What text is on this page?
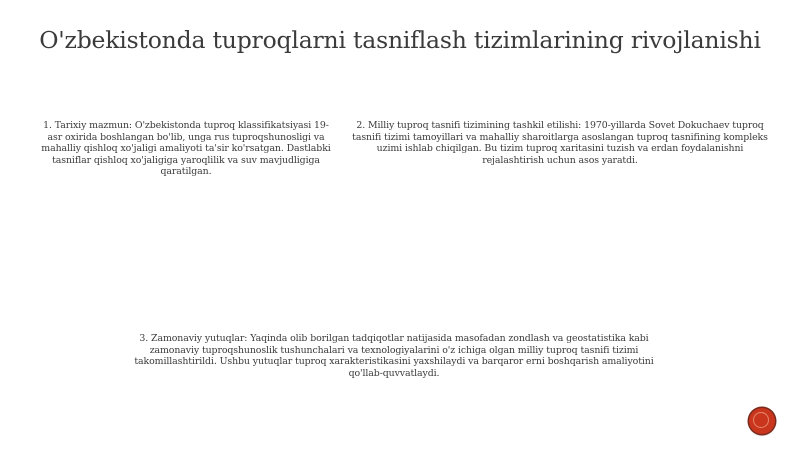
O'zbekistonda tuproqlarni tasniflash tizimlarining rivojlanishi
1. Tarixiy mazmun: O'zbekistonda tuproq klassifikatsiyasi 19-asr oxirida boshlangan bo'lib, unga rus tuproqshunosligi va mahalliy qishloq xo'jaligi amaliyoti ta'sir ko'rsatgan. Dastlabki tasniflar qishloq xo'jaligiga yaroqlilik va suv mavjudligiga qaratilgan.
2. Milliy tuproq tasnifi tizimining tashkil etilishi: 1970-yillarda Sovet Dokuchaev tuproq tasnifi tizimi tamoyillari va mahalliy sharoitlarga asoslangan tuproq tasnifining kompleks uzimi ishlab chiqilgan. Bu tizim tuproq xaritasini tuzish va erdan foydalanishni rejalashtirish uchun asos yaratdi.
3. Zamonaviy yutuqlar: Yaqinda olib borilgan tadqiqotlar natijasida masofadan zondlash va geostatistika kabi zamonaviy tuproqshunoslik tushunchalari va texnologiyalarini o'z ichiga olgan milliy tuproq tasnifi tizimi takomillashtirildi. Ushbu yutuqlar tuproq xarakteristikasini yaxshilaydi va barqaror erni boshqarish amaliyotini qo'llab-quvvatlaydi.
